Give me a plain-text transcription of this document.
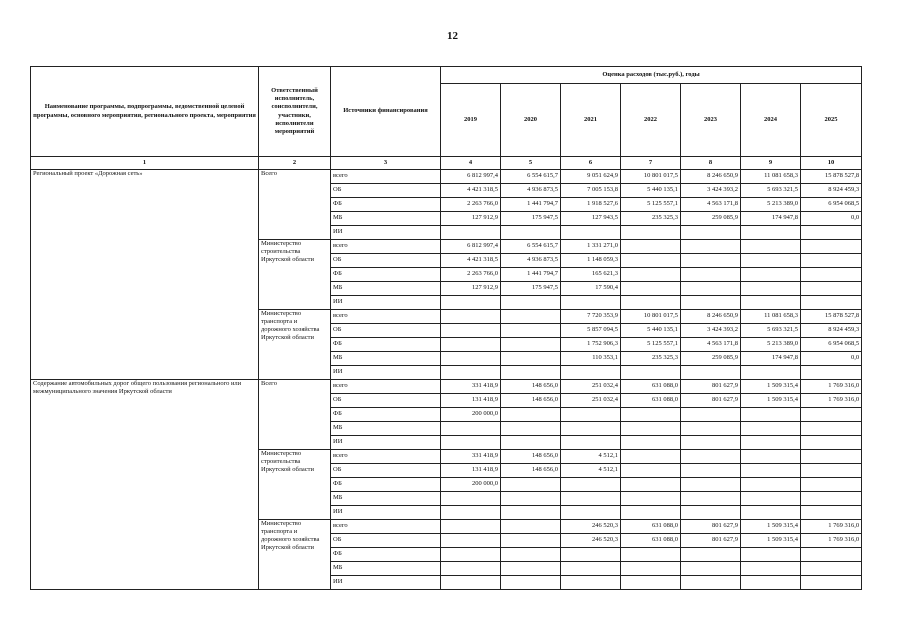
12
Наименование программы, подпрограммы, ведомственной целевой программы, основного мероприятия, регионального проекта, мероприятия	Ответственный исполнитель, соисполнители, участники, исполнители мероприятий	Источники финансирования	Оценка расходов (тыс.руб.), годы						
			2019	2020	2021	2022	2023	2024	2025
1	2	3	4	5	6	7	8	9	10
Региональный проект «Дорожная сеть»	Всего	всего	6 812 997,4	6 554 615,7	9 051 624,9	10 801 017,5	8 246 650,9	11 081 658,3	15 878 527,8
		ОБ	4 421 318,5	4 936 873,5	7 005 153,8	5 440 135,1	3 424 393,2	5 693 321,5	8 924 459,3
		ФБ	2 263 766,0	1 441 794,7	1 918 527,6	5 125 557,1	4 563 171,8	5 213 389,0	6 954 068,5
		МБ	127 912,9	175 947,5	127 943,5	235 325,3	259 085,9	174 947,8	0,0
		ИИ							
	Министерство строительства Иркутской области	всего	6 812 997,4	6 554 615,7	1 331 271,0				
		ОБ	4 421 318,5	4 936 873,5	1 148 059,3				
		ФБ	2 263 766,0	1 441 794,7	165 621,3				
		МБ	127 912,9	175 947,5	17 590,4				
		ИИ							
	Министерство транспорта и дорожного хозяйства Иркутской области	всего			7 720 353,9	10 801 017,5	8 246 650,9	11 081 658,3	15 878 527,8
		ОБ			5 857 094,5	5 440 135,1	3 424 393,2	5 693 321,5	8 924 459,3
		ФБ			1 752 906,3	5 125 557,1	4 563 171,8	5 213 389,0	6 954 068,5
		МБ			110 353,1	235 325,3	259 085,9	174 947,8	0,0
		ИИ							
Содержание автомобильных дорог общего пользования регионального или межмуниципального значения Иркутской области	Всего	всего	331 418,9	148 656,0	251 032,4	631 088,0	801 627,9	1 509 315,4	1 769 316,0
		ОБ	131 418,9	148 656,0	251 032,4	631 088,0	801 627,9	1 509 315,4	1 769 316,0
		ФБ	200 000,0						
		МБ							
		ИИ							
	Министерство строительства Иркутской области	всего	331 418,9	148 656,0	4 512,1				
		ОБ	131 418,9	148 656,0	4 512,1				
		ФБ	200 000,0						
		МБ							
		ИИ							
	Министерство транспорта и дорожного хозяйства Иркутской области	всего			246 520,3	631 088,0	801 627,9	1 509 315,4	1 769 316,0
		ОБ			246 520,3	631 088,0	801 627,9	1 509 315,4	1 769 316,0
		ФБ							
		МБ							
		ИИ							
